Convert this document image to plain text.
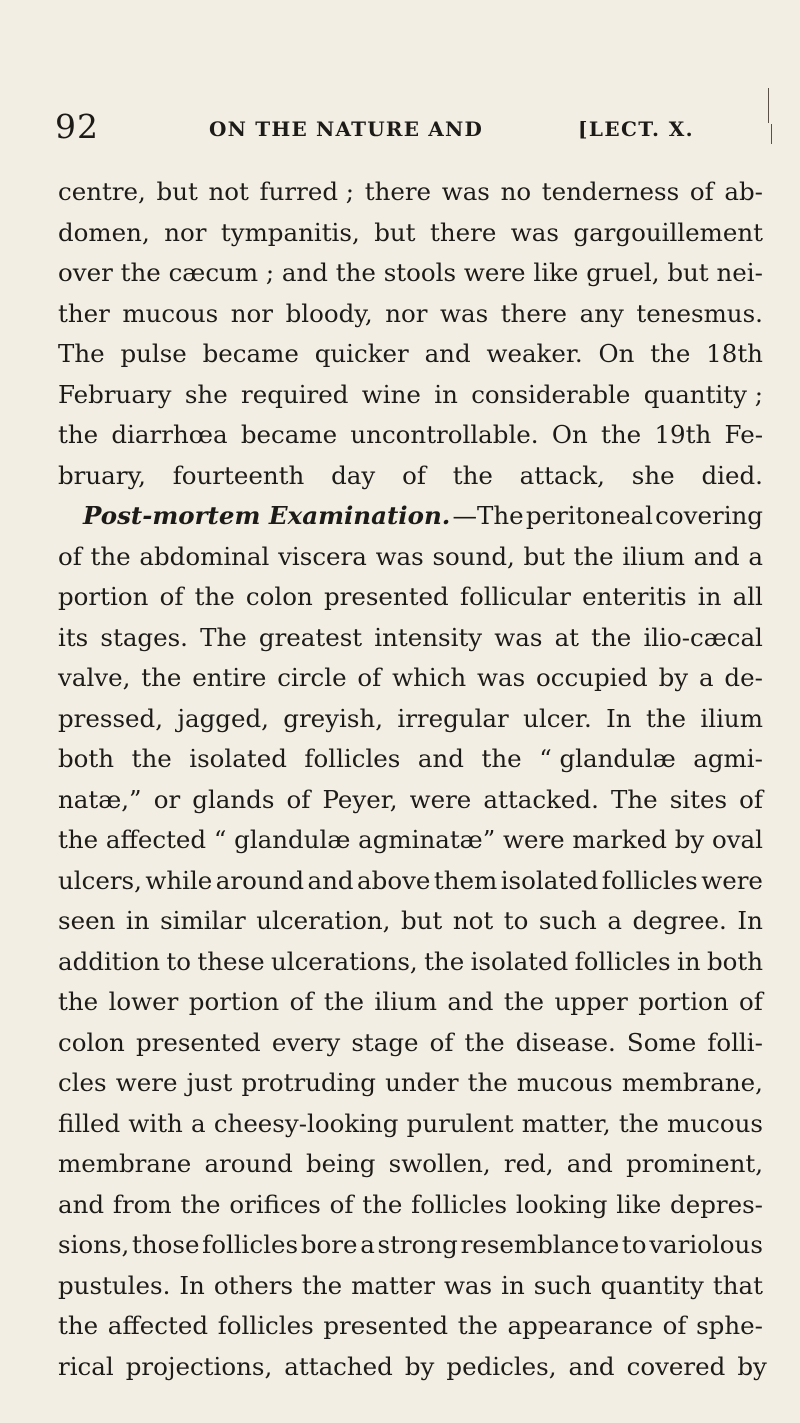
92	ON THE NATURE AND	[LECT. X.
centre, but not furred ; there was no tenderness of ab-
domen, nor tympanitis, but there was gargouillement
over the cæcum ; and the stools were like gruel, but nei-
ther mucous nor bloody, nor was there any tenesmus.
The pulse became quicker and weaker. On the 18th
February she required wine in considerable quantity ;
the diarrhœa became uncontrollable. On the 19th Fe-
bruary, fourteenth day of the attack, she died.
Post-mortem Examination. —The peritoneal covering
of the abdominal viscera was sound, but the ilium and a
portion of the colon presented follicular enteritis in all
its stages. The greatest intensity was at the ilio-cæcal
valve, the entire circle of which was occupied by a de-
pressed, jagged, greyish, irregular ulcer. In the ilium
both the isolated follicles and the “ glandulæ agmi-
natæ,” or glands of Peyer, were attacked. The sites of
the affected “ glandulæ agminatæ” were marked by oval
ulcers, while around and above them isolated follicles were
seen in similar ulceration, but not to such a degree. In
addition to these ulcerations, the isolated follicles in both
the lower portion of the ilium and the upper portion of
colon presented every stage of the disease. Some folli-
cles were just protruding under the mucous membrane,
filled with a cheesy-looking purulent matter, the mucous
membrane around being swollen, red, and prominent,
and from the orifices of the follicles looking like depres-
sions, those follicles bore a strong resemblance to variolous
pustules. In others the matter was in such quantity that
the affected follicles presented the appearance of sphe-
rical projections, attached by pedicles, and covered by
